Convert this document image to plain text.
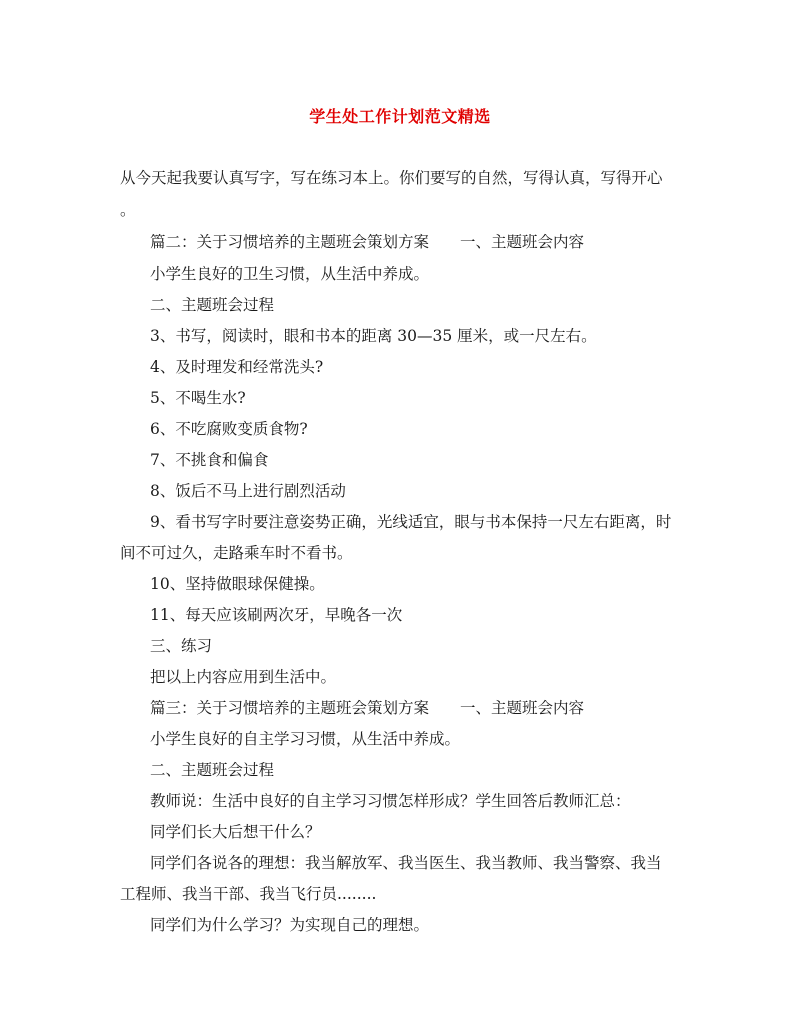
学生处工作计划范文精选
从今天起我要认真写字，写在练习本上。你们要写的自然，写得认真，写得开心
。
篇二：关于习惯培养的主题班会策划方案　　一、主题班会内容
小学生良好的卫生习惯，从生活中养成。
二、主题班会过程
3、书写，阅读时，眼和书本的距离 30—35 厘米，或一尺左右。
4、及时理发和经常洗头?
5、不喝生水?
6、不吃腐败变质食物?
7、不挑食和偏食
8、饭后不马上进行剧烈活动
9、看书写字时要注意姿势正确，光线适宜，眼与书本保持一尺左右距离，时
间不可过久，走路乘车时不看书。
10、坚持做眼球保健操。
11、每天应该刷两次牙，早晚各一次
三、练习
把以上内容应用到生活中。
篇三：关于习惯培养的主题班会策划方案　　一、主题班会内容
小学生良好的自主学习习惯，从生活中养成。
二、主题班会过程
教师说：生活中良好的自主学习习惯怎样形成？学生回答后教师汇总：
同学们长大后想干什么？
同学们各说各的理想：我当解放军、我当医生、我当教师、我当警察、我当
工程师、我当干部、我当飞行员........
同学们为什么学习？为实现自己的理想。
